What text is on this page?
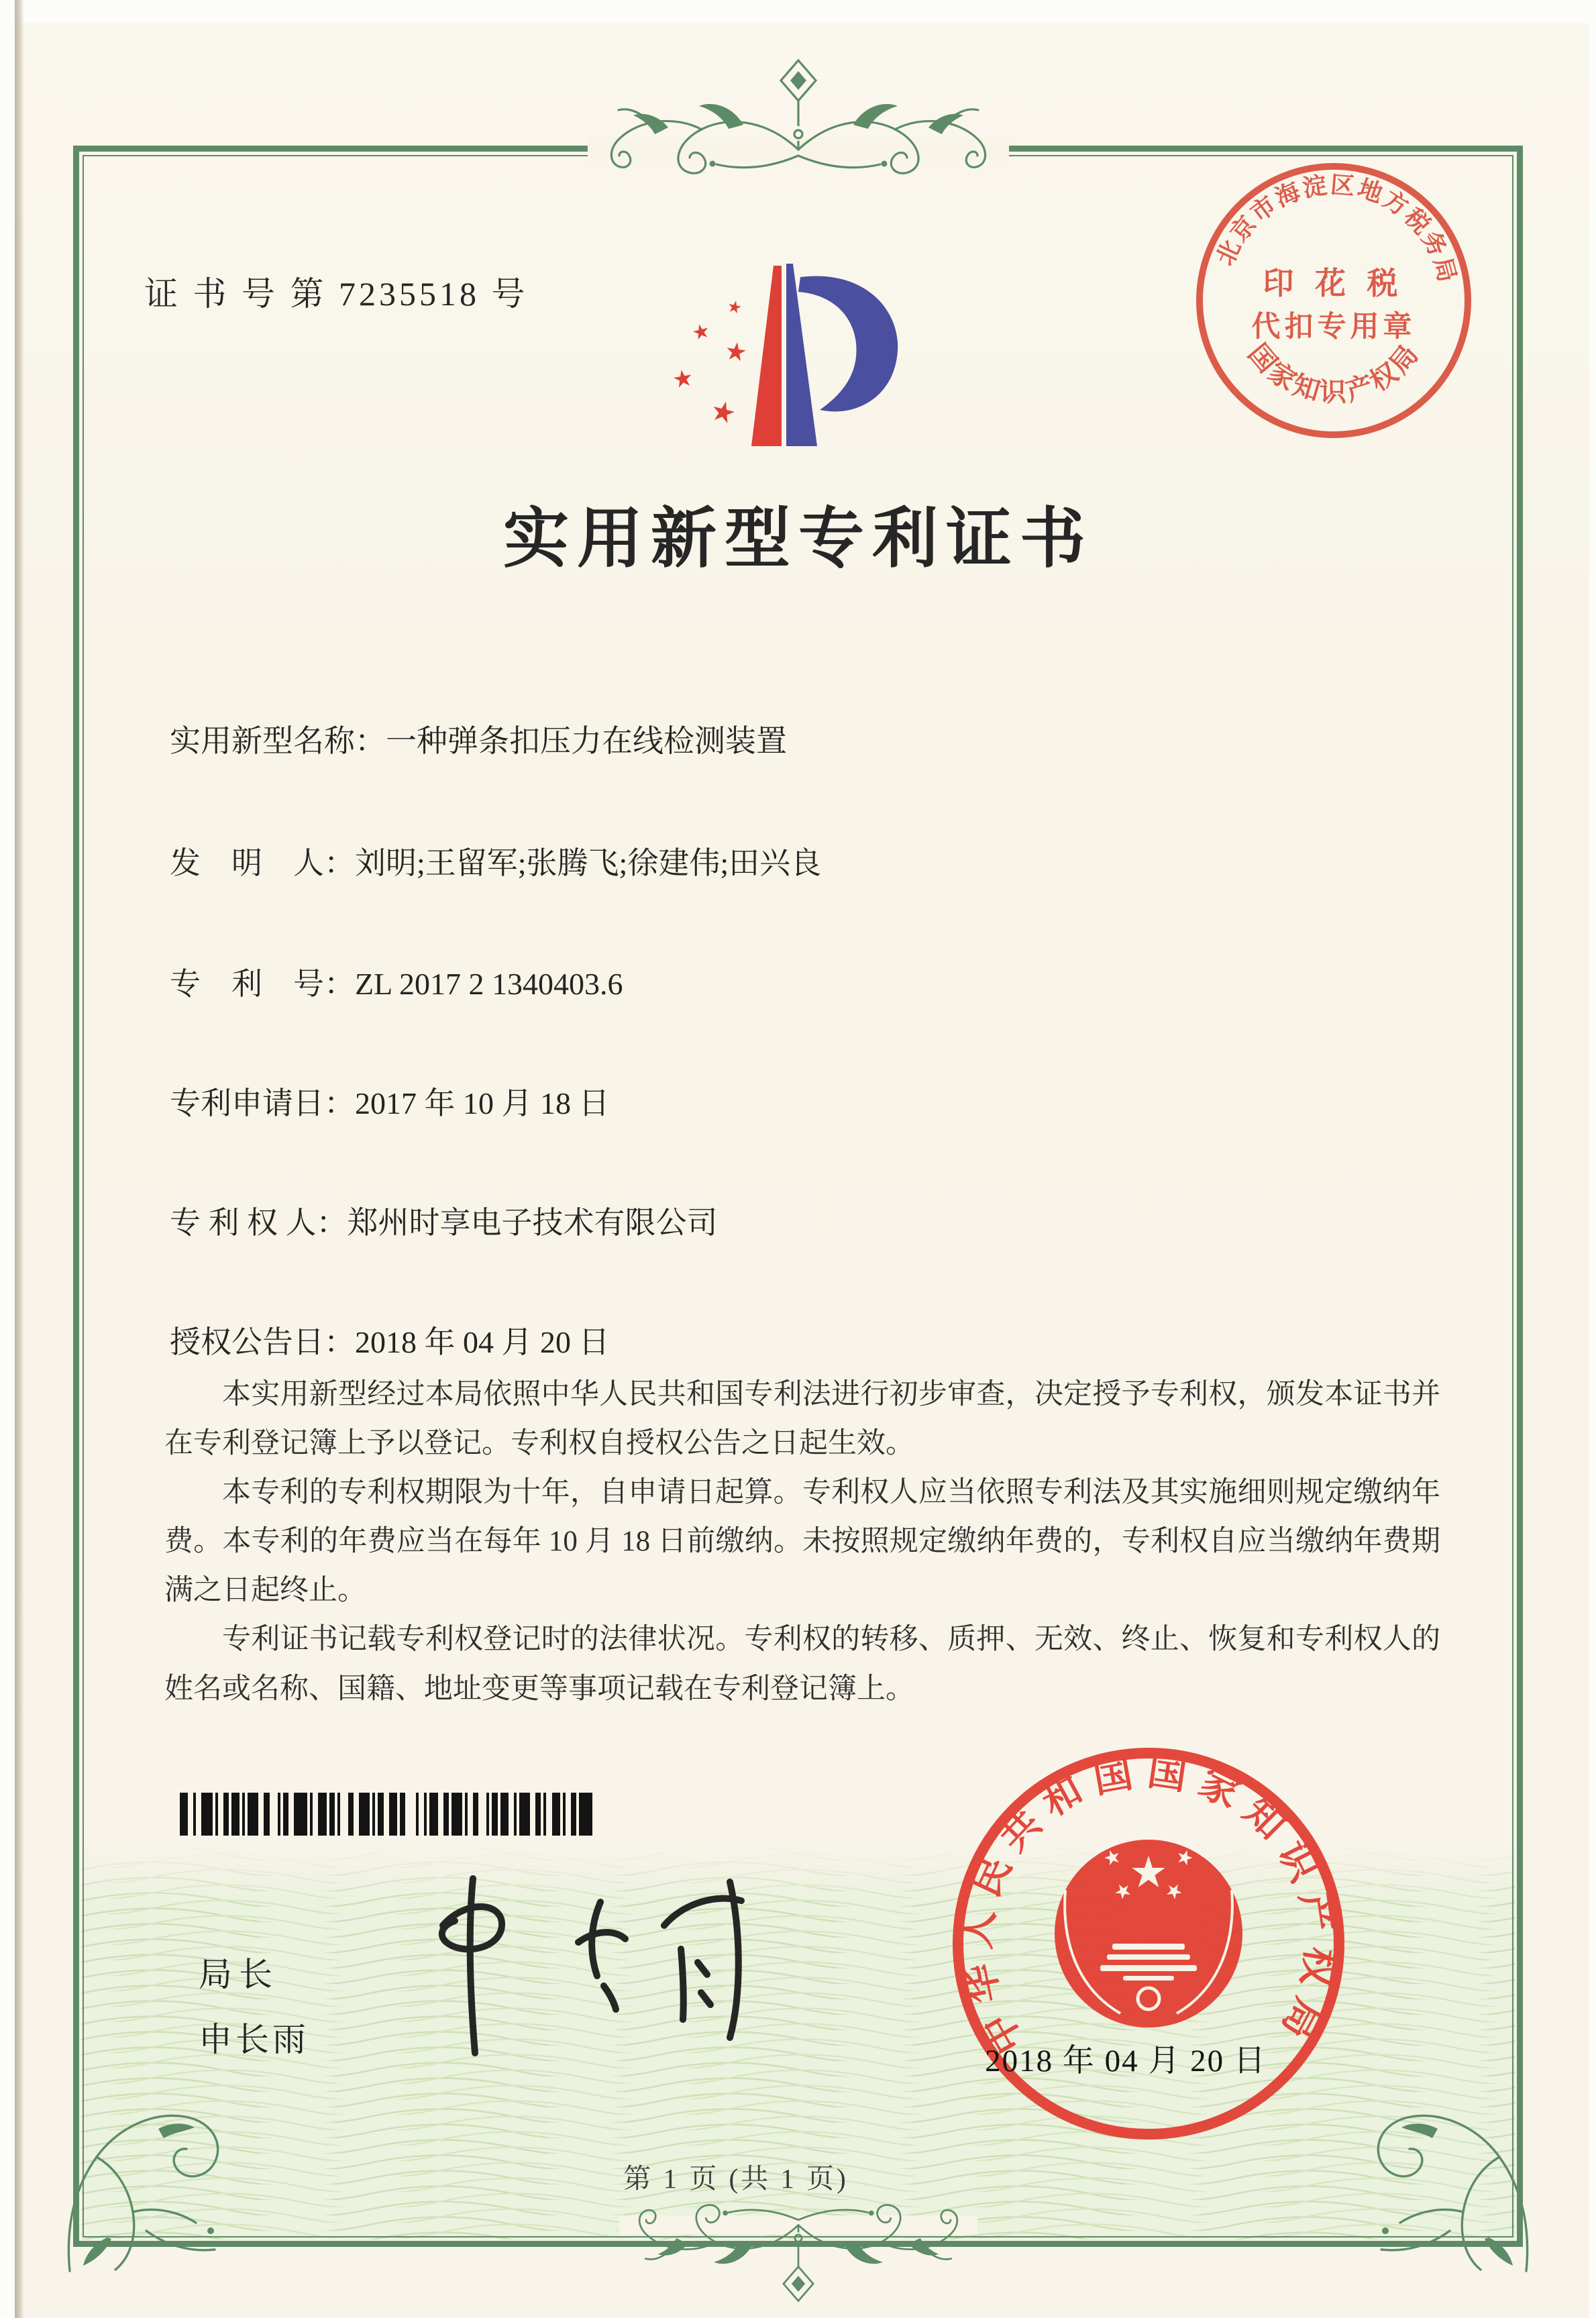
证 书 号 第 7235518 号
北京市海淀区地方税务局
国家知识产权局
印 花 税
代扣专用章
实用新型专利证书
实用新型名称：一种弹条扣压力在线检测装置
发　明　人：刘明;王留军;张腾飞;徐建伟;田兴良
专　利　号：ZL 2017 2 1340403.6
专利申请日：2017 年 10 月 18 日
专 利 权 人：郑州时享电子技术有限公司
授权公告日：2018 年 04 月 20 日

本实用新型经过本局依照中华人民共和国专利法进行初步审查，决定授予专利权，颁发本证书并在专利登记簿上予以登记。专利权自授权公告之日起生效。

本专利的专利权期限为十年，自申请日起算。专利权人应当依照专利法及其实施细则规定缴纳年费。本专利的年费应当在每年 10 月 18 日前缴纳。未按照规定缴纳年费的，专利权自应当缴纳年费期满之日起终止。

专利证书记载专利权登记时的法律状况。专利权的转移、质押、无效、终止、恢复和专利权人的姓名或名称、国籍、地址变更等事项记载在专利登记簿上。

局长
申长雨	中华人民共和国国家知识产权局
2018 年 04 月 20 日
第 1 页 (共 1 页)
